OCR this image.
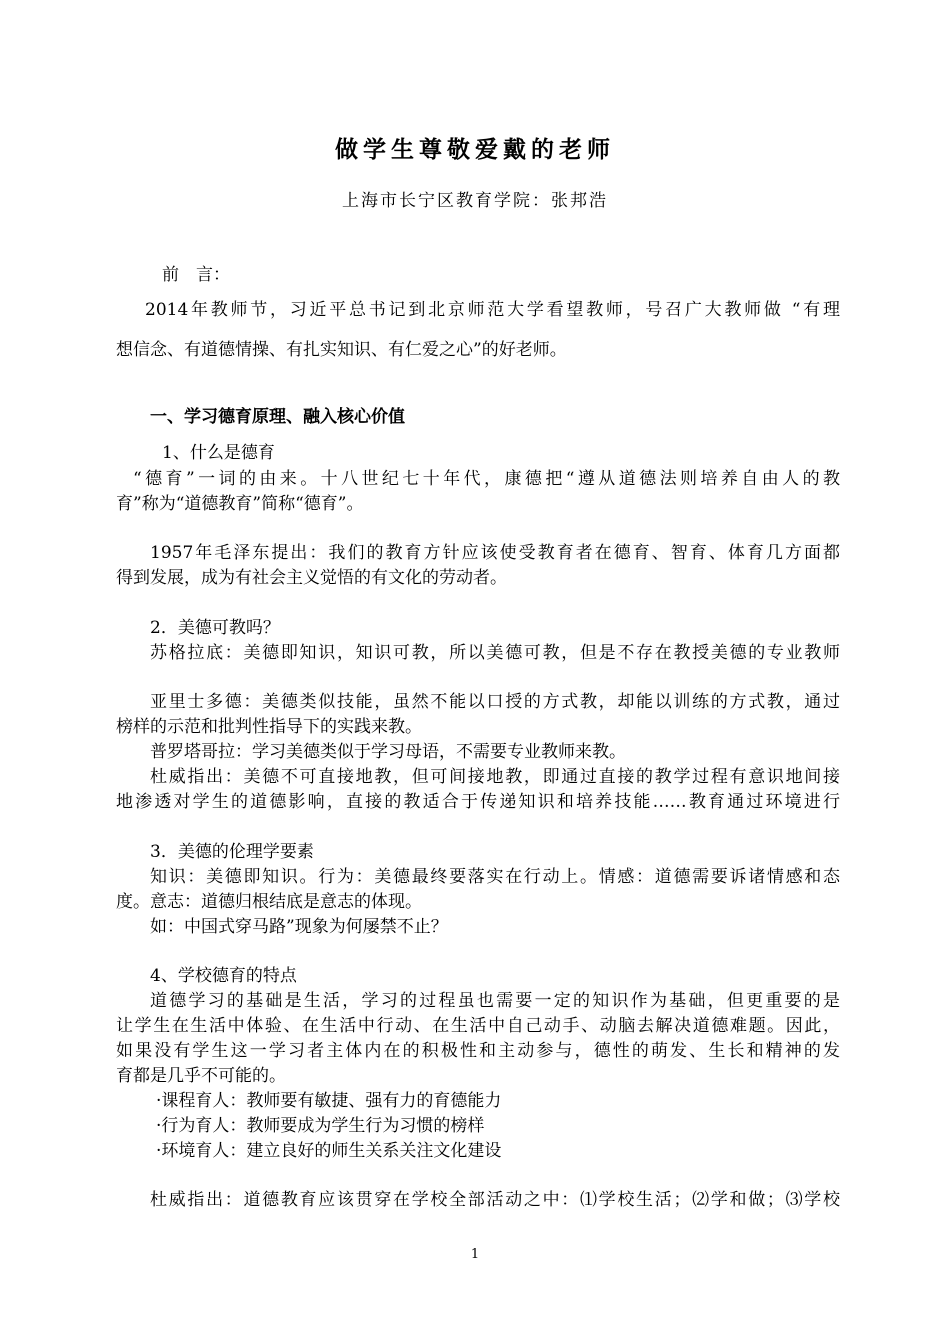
做学生尊敬爱戴的老师
上海市长宁区教育学院：张邦浩
前　言：
2014年教师节，习近平总书记到北京师范大学看望教师，号召广大教师做 “有理
想信念、有道德情操、有扎实知识、有仁爱之心”的好老师。
一、学习德育原理、融入核心价值
1、什么是德育
“德育”一词的由来。十八世纪七十年代，康德把“遵从道德法则培养自由人的教
育”称为“道德教育”简称“德育”。
1957年毛泽东提出：我们的教育方针应该使受教育者在德育、智育、体育几方面都
得到发展，成为有社会主义觉悟的有文化的劳动者。
2．美德可教吗？
苏格拉底：美德即知识，知识可教，所以美德可教，但是不存在教授美德的专业教师
亚里士多德：美德类似技能，虽然不能以口授的方式教，却能以训练的方式教，通过
榜样的示范和批判性指导下的实践来教。
普罗塔哥拉：学习美德类似于学习母语，不需要专业教师来教。
杜威指出：美德不可直接地教，但可间接地教，即通过直接的教学过程有意识地间接
地渗透对学生的道德影响，直接的教适合于传递知识和培养技能……教育通过环境进行
3．美德的伦理学要素
知识：美德即知识。行为：美德最终要落实在行动上。情感：道德需要诉诸情感和态
度。意志：道德归根结底是意志的体现。
如：中国式穿马路”现象为何屡禁不止？
4、学校德育的特点
道德学习的基础是生活，学习的过程虽也需要一定的知识作为基础，但更重要的是
让学生在生活中体验、在生活中行动、在生活中自己动手、动脑去解决道德难题。因此，
如果没有学生这一学习者主体内在的积极性和主动参与，德性的萌发、生长和精神的发
育都是几乎不可能的。
·课程育人：教师要有敏捷、强有力的育德能力
·行为育人：教师要成为学生行为习惯的榜样
·环境育人：建立良好的师生关系关注文化建设
杜威指出：道德教育应该贯穿在学校全部活动之中：⑴学校生活；⑵学和做；⑶学校
1
